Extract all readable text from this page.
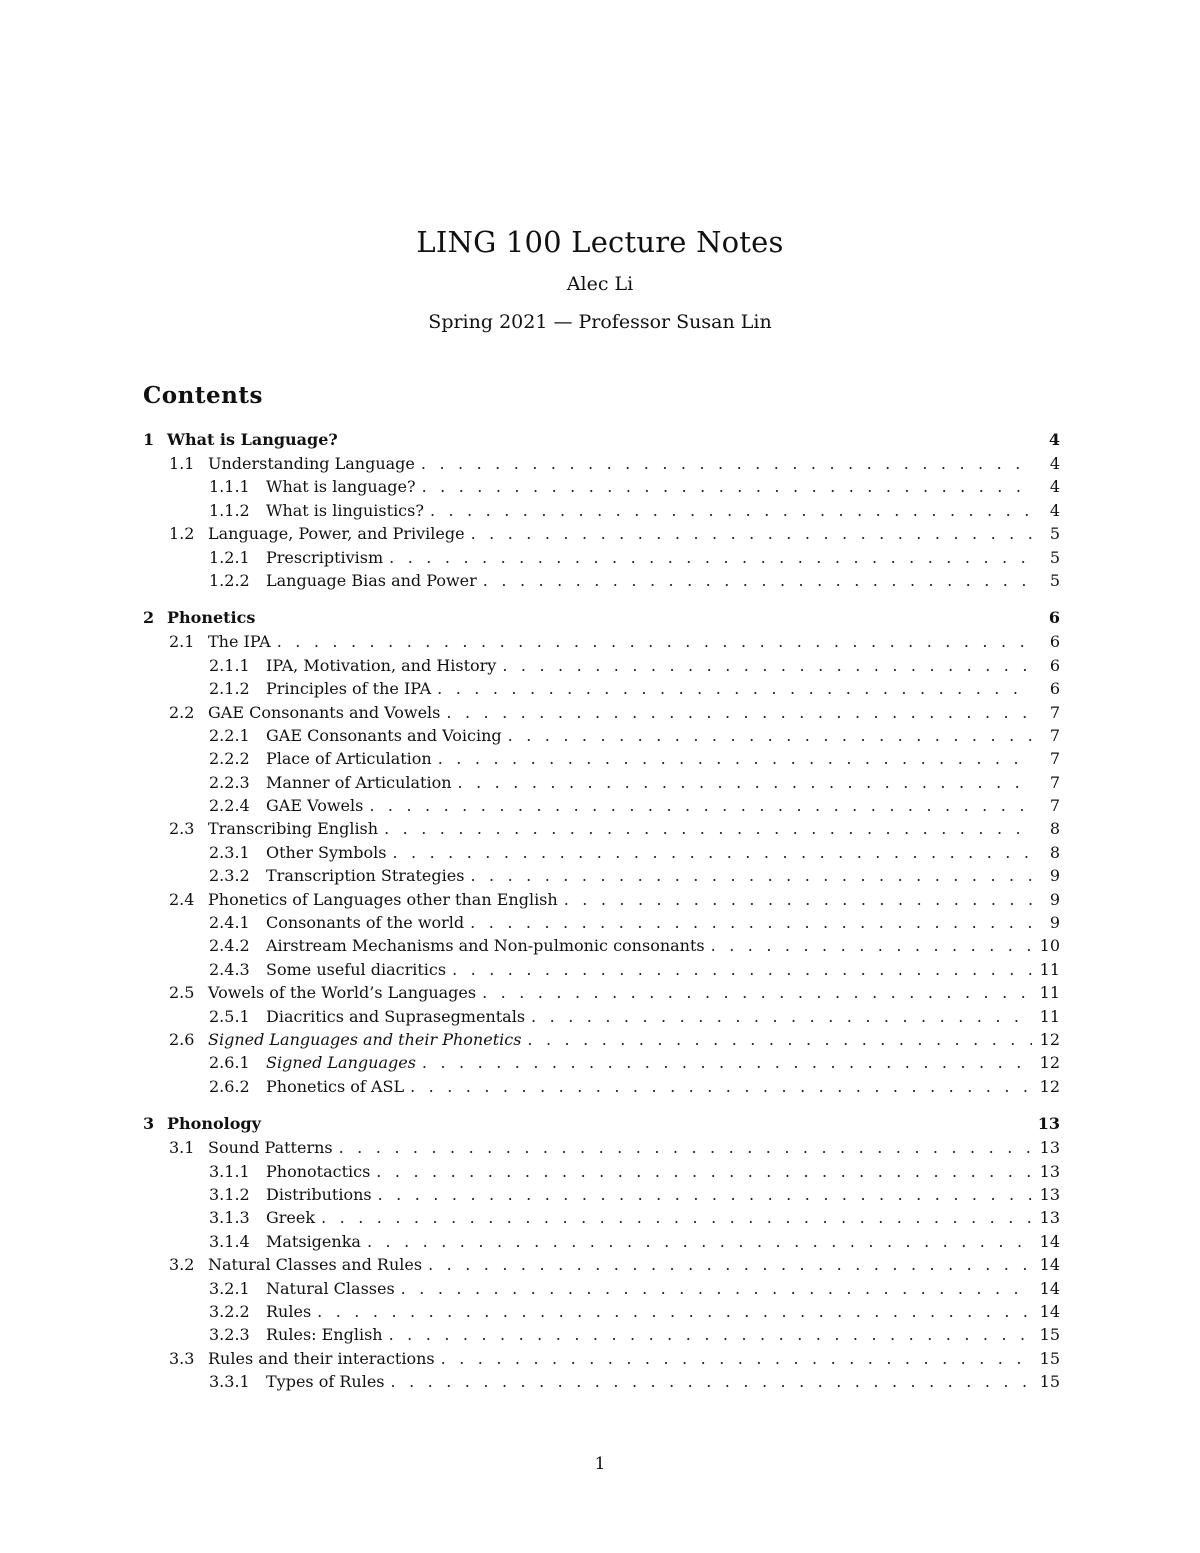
LING 100 Lecture Notes
Alec Li
Spring 2021 — Professor Susan Lin
Contents
1 What is Language?	4
1.1 Understanding Language . . .	4
1.1.1	What is language? . . .	4
1.1.2	What is linguistics? . . .	4
1.2 Language, Power, and Privilege . . .	5
1.2.1	Prescriptivism . . .	5
1.2.2	Language Bias and Power . . .	5
2 Phonetics	6
2.1 The IPA . . .	6
2.1.1	IPA, Motivation, and History . . .	6
2.1.2	Principles of the IPA . . .	6
2.2 GAE Consonants and Vowels . . .	7
2.2.1	GAE Consonants and Voicing . . .	7
2.2.2	Place of Articulation . . .	7
2.2.3	Manner of Articulation . . .	7
2.2.4	GAE Vowels . . .	7
2.3 Transcribing English . . .	8
2.3.1	Other Symbols . . .	8
2.3.2	Transcription Strategies . . .	9
2.4 Phonetics of Languages other than English . . .	9
2.4.1	Consonants of the world . . .	9
2.4.2	Airstream Mechanisms and Non-pulmonic consonants . . .	10
2.4.3	Some useful diacritics . . .	11
2.5 Vowels of the World’s Languages . . .	11
2.5.1	Diacritics and Suprasegmentals . . .	11
2.6 Signed Languages and their Phonetics . . .	12
2.6.1	Signed Languages . . .	12
2.6.2	Phonetics of ASL . . .	12
3 Phonology	13
3.1 Sound Patterns . . .	13
3.1.1	Phonotactics . . .	13
3.1.2	Distributions . . .	13
3.1.3	Greek . . .	13
3.1.4	Matsigenka . . .	14
3.2 Natural Classes and Rules . . .	14
3.2.1	Natural Classes . . .	14
3.2.2	Rules . . .	14
3.2.3	Rules: English . . .	15
3.3 Rules and their interactions . . .	15
3.3.1	Types of Rules . . .	15
1
